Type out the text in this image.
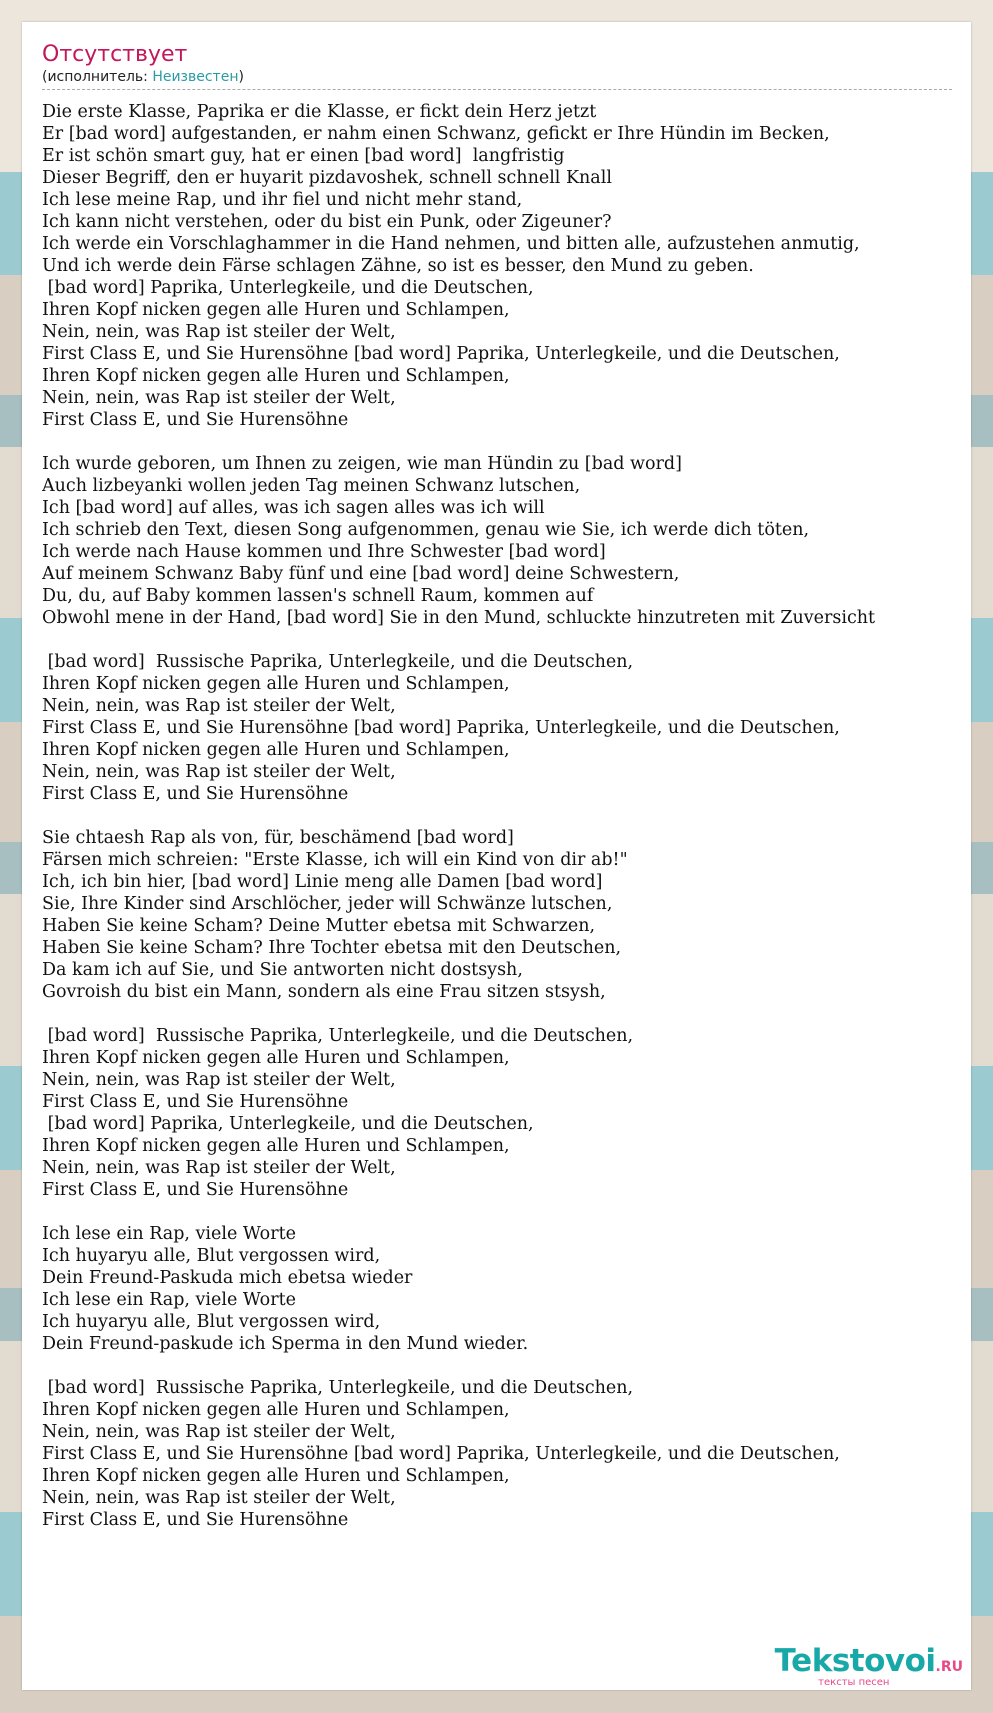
Отсутствует
(исполнитель: Неизвестен)
Die erste Klasse, Paprika er die Klasse, er fickt dein Herz jetzt
Er [bad word] aufgestanden, er nahm einen Schwanz, gefickt er Ihre Hündin im Becken,
Er ist schön smart guy, hat er einen [bad word]  langfristig
Dieser Begriff, den er huyarit pizdavoshek, schnell schnell Knall
Ich lese meine Rap, und ihr fiel und nicht mehr stand,
Ich kann nicht verstehen, oder du bist ein Punk, oder Zigeuner?
Ich werde ein Vorschlaghammer in die Hand nehmen, und bitten alle, aufzustehen anmutig,
Und ich werde dein Färse schlagen Zähne, so ist es besser, den Mund zu geben.
[bad word] Paprika, Unterlegkeile, und die Deutschen,
Ihren Kopf nicken gegen alle Huren und Schlampen,
Nein, nein, was Rap ist steiler der Welt,
First Class E, und Sie Hurensöhne [bad word] Paprika, Unterlegkeile, und die Deutschen,
Ihren Kopf nicken gegen alle Huren und Schlampen,
Nein, nein, was Rap ist steiler der Welt,
First Class E, und Sie Hurensöhne
Ich wurde geboren, um Ihnen zu zeigen, wie man Hündin zu [bad word]
Auch lizbeyanki wollen jeden Tag meinen Schwanz lutschen,
Ich [bad word] auf alles, was ich sagen alles was ich will
Ich schrieb den Text, diesen Song aufgenommen, genau wie Sie, ich werde dich töten,
Ich werde nach Hause kommen und Ihre Schwester [bad word]
Auf meinem Schwanz Baby fünf und eine [bad word] deine Schwestern,
Du, du, auf Baby kommen lassen's schnell Raum, kommen auf
Obwohl mene in der Hand, [bad word] Sie in den Mund, schluckte hinzutreten mit Zuversicht
[bad word]  Russische Paprika, Unterlegkeile, und die Deutschen,
Ihren Kopf nicken gegen alle Huren und Schlampen,
Nein, nein, was Rap ist steiler der Welt,
First Class E, und Sie Hurensöhne [bad word] Paprika, Unterlegkeile, und die Deutschen,
Ihren Kopf nicken gegen alle Huren und Schlampen,
Nein, nein, was Rap ist steiler der Welt,
First Class E, und Sie Hurensöhne
Sie chtaesh Rap als von, für, beschämend [bad word]
Färsen mich schreien: "Erste Klasse, ich will ein Kind von dir ab!"
Ich, ich bin hier, [bad word] Linie meng alle Damen [bad word]
Sie, Ihre Kinder sind Arschlöcher, jeder will Schwänze lutschen,
Haben Sie keine Scham? Deine Mutter ebetsa mit Schwarzen,
Haben Sie keine Scham? Ihre Tochter ebetsa mit den Deutschen,
Da kam ich auf Sie, und Sie antworten nicht dostsysh,
Govroish du bist ein Mann, sondern als eine Frau sitzen stsysh,
[bad word]  Russische Paprika, Unterlegkeile, und die Deutschen,
Ihren Kopf nicken gegen alle Huren und Schlampen,
Nein, nein, was Rap ist steiler der Welt,
First Class E, und Sie Hurensöhne
[bad word] Paprika, Unterlegkeile, und die Deutschen,
Ihren Kopf nicken gegen alle Huren und Schlampen,
Nein, nein, was Rap ist steiler der Welt,
First Class E, und Sie Hurensöhne
Ich lese ein Rap, viele Worte
Ich huyaryu alle, Blut vergossen wird,
Dein Freund-Paskuda mich ebetsa wieder
Ich lese ein Rap, viele Worte
Ich huyaryu alle, Blut vergossen wird,
Dein Freund-paskude ich Sperma in den Mund wieder.
[bad word]  Russische Paprika, Unterlegkeile, und die Deutschen,
Ihren Kopf nicken gegen alle Huren und Schlampen,
Nein, nein, was Rap ist steiler der Welt,
First Class E, und Sie Hurensöhne [bad word] Paprika, Unterlegkeile, und die Deutschen,
Ihren Kopf nicken gegen alle Huren und Schlampen,
Nein, nein, was Rap ist steiler der Welt,
First Class E, und Sie Hurensöhne
Tekstovoi.RU
тексты песен
